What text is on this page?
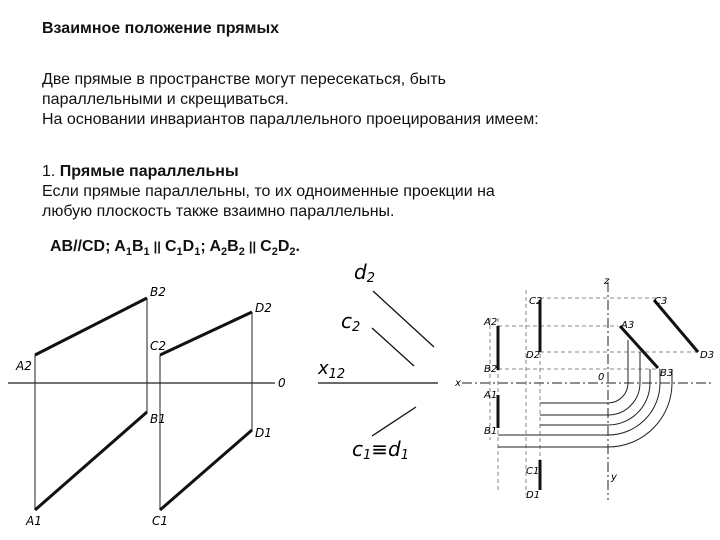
Взаимное положение прямых
Две прямые в пространстве могут пересекаться, быть
параллельными и скрещиваться.
На основании инвариантов параллельного проецирования имеем:
1. Прямые параллельны
Если прямые параллельны, то их одноименные проекции на
любую плоскость также взаимно параллельны.
AB//CD; $A_1B_1$ || $C_1D_1$; $A_2B_2$ || $C_2D_2$.
A2
B2
C2
D2
B1
D1
A1	C1
0
d2
c2
$x_{12}$
c1≡d1
z
C2	C3
A2	A3
D2
B2	B3
D3
A1
B1
C1
D1
0
x
y
